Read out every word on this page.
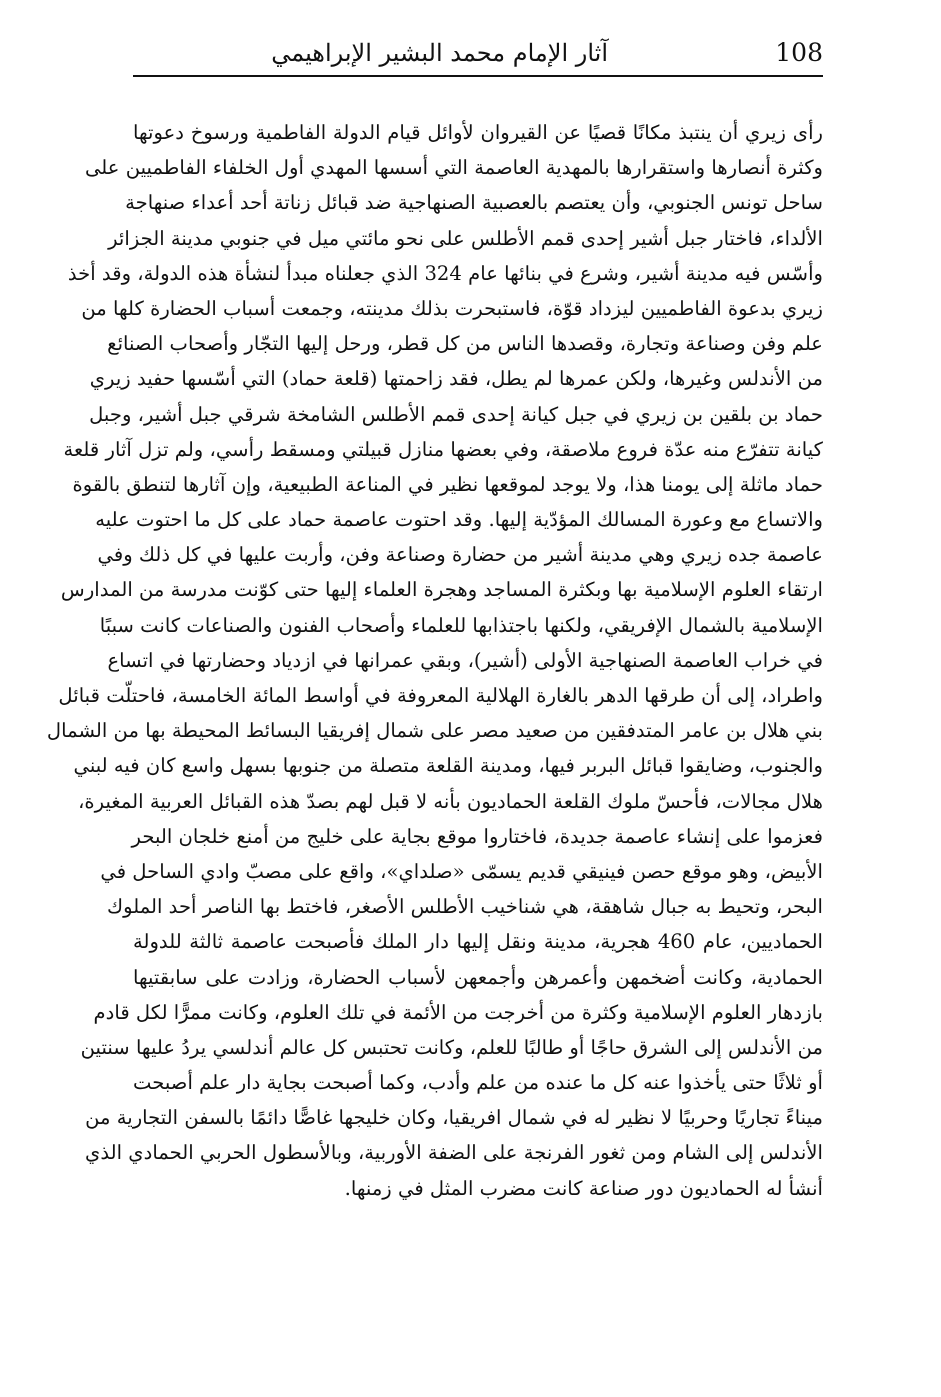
آثار الإمام محمد البشير الإبراهيمي	108
رأى زيري أن ينتبذ مكانًا قصيًا عن القيروان لأوائل قيام الدولة الفاطمية ورسوخ دعوتها
وكثرة أنصارها واستقرارها بالمهدية العاصمة التي أسسها المهدي أول الخلفاء الفاطميين على
ساحل تونس الجنوبي، وأن يعتصم بالعصبية الصنهاجية ضد قبائل زناتة أحد أعداء صنهاجة
الألداء، فاختار جبل أشير إحدى قمم الأطلس على نحو مائتي ميل في جنوبي مدينة الجزائر
وأسّس فيه مدينة أشير، وشرع في بنائها عام 324 الذي جعلناه مبدأ لنشأة هذه الدولة، وقد أخذ
زيري بدعوة الفاطميين ليزداد قوّة، فاستبحرت بذلك مدينته، وجمعت أسباب الحضارة كلها من
علم وفن وصناعة وتجارة، وقصدها الناس من كل قطر، ورحل إليها التجّار وأصحاب الصنائع
من الأندلس وغيرها، ولكن عمرها لم يطل، فقد زاحمتها (قلعة حماد) التي أسّسها حفيد زيري
حماد بن بلقين بن زيري في جبل كيانة إحدى قمم الأطلس الشامخة شرقي جبل أشير، وجبل
كيانة تتفرّع منه عدّة فروع ملاصقة، وفي بعضها منازل قبيلتي ومسقط رأسي، ولم تزل آثار قلعة
حماد ماثلة إلى يومنا هذا، ولا يوجد لموقعها نظير في المناعة الطبيعية، وإن آثارها لتنطق بالقوة
والاتساع مع وعورة المسالك المؤدّية إليها. وقد احتوت عاصمة حماد على كل ما احتوت عليه
عاصمة جده زيري وهي مدينة أشير من حضارة وصناعة وفن، وأربت عليها في كل ذلك وفي
ارتقاء العلوم الإسلامية بها وبكثرة المساجد وهجرة العلماء إليها حتى كوّنت مدرسة من المدارس
الإسلامية بالشمال الإفريقي، ولكنها باجتذابها للعلماء وأصحاب الفنون والصناعات كانت سببًا
في خراب العاصمة الصنهاجية الأولى (أشير)، وبقي عمرانها في ازدياد وحضارتها في اتساع
واطراد، إلى أن طرقها الدهر بالغارة الهلالية المعروفة في أواسط المائة الخامسة، فاحتلّت قبائل
بني هلال بن عامر المتدفقين من صعيد مصر على شمال إفريقيا البسائط المحيطة بها من الشمال
والجنوب، وضايقوا قبائل البربر فيها، ومدينة القلعة متصلة من جنوبها بسهل واسع كان فيه لبني
هلال مجالات، فأحسّ ملوك القلعة الحماديون بأنه لا قبل لهم بصدّ هذه القبائل العربية المغيرة،
فعزموا على إنشاء عاصمة جديدة، فاختاروا موقع بجاية على خليج من أمنع خلجان البحر
الأبيض، وهو موقع حصن فينيقي قديم يسمّى «صلداي»، واقع على مصبّ وادي الساحل في
البحر، وتحيط به جبال شاهقة، هي شناخيب الأطلس الأصغر، فاختط بها الناصر أحد الملوك
الحماديين، عام 460 هجرية، مدينة ونقل إليها دار الملك فأصبحت عاصمة ثالثة للدولة
الحمادية، وكانت أضخمهن وأعمرهن وأجمعهن لأسباب الحضارة، وزادت على سابقتيها
بازدهار العلوم الإسلامية وكثرة من أخرجت من الأئمة في تلك العلوم، وكانت ممرًّا لكل قادم
من الأندلس إلى الشرق حاجًا أو طالبًا للعلم، وكانت تحتبس كل عالم أندلسي يردُ عليها سنتين
أو ثلاثًا حتى يأخذوا عنه كل ما عنده من علم وأدب، وكما أصبحت بجاية دار علم أصبحت
ميناءً تجاريًا وحربيًا لا نظير له في شمال افريقيا، وكان خليجها غاصًّا دائمًا بالسفن التجارية من
الأندلس إلى الشام ومن ثغور الفرنجة على الضفة الأوربية، وبالأسطول الحربي الحمادي الذي
أنشأ له الحماديون دور صناعة كانت مضرب المثل في زمنها.
